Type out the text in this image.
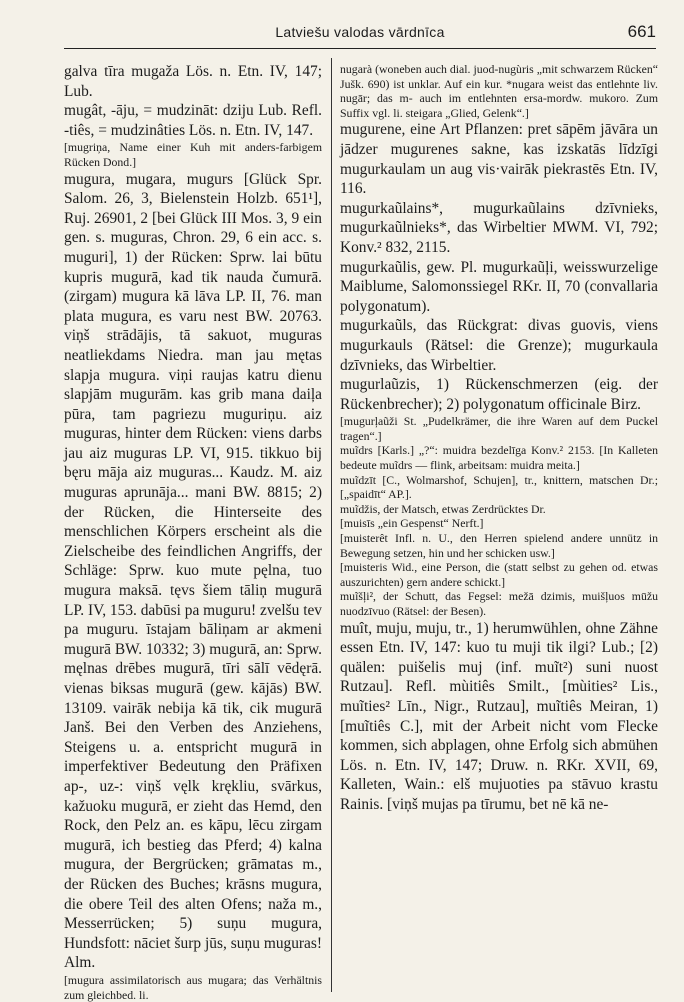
Latviešu valodas vārdnīca	661

galva tīra mugaža Lös. n. Etn. IV, 147; Lub.

mugât, -āju, = mudzināt: dziju Lub. Refl. -tiês, = mudzinâties Lös. n. Etn. IV, 147.

[mugriņa, Name einer Kuh mit anders-farbigem Rücken Dond.]

mugura, mugara, mugurs [Glück Spr. Salom. 26, 3, Bielenstein Holzb. 651¹], Ruj. 26901, 2 [bei Glück III Mos. 3, 9 ein gen. s. muguras, Chron. 29, 6 ein acc. s. muguri], 1) der Rücken: Sprw. lai būtu kupris mugurā, kad tik nauda čumurā. (zirgam) mugura kā lāva LP. II, 76. man plata mugura, es varu nest BW. 20763. viņš strādājis, tā sakuot, muguras neatliekdams Niedra. man jau mętas slapja mugura. viņi raujas katru dienu slapjām mugurām. kas grib mana daiļa pūra, tam pagriezu muguriņu. aiz muguras, hinter dem Rücken: viens darbs jau aiz muguras LP. VI, 915. tikkuo bij bęru māja aiz muguras... Kaudz. M. aiz muguras aprunāja... mani BW. 8815; 2) der Rücken, die Hinterseite des menschlichen Körpers erscheint als die Zielscheibe des feindlichen Angriffs, der Schläge: Sprw. kuo mute pęlna, tuo mugura maksā. tęvs šiem tāliņ mugurā LP. IV, 153. dabūsi pa muguru! zvelšu tev pa muguru. īstajam bāliņam ar akmeni mugurā BW. 10332; 3) mugurā, an: Sprw. męlnas drēbes mugurā, tīri sālī vēdęrā. vienas biksas mugurā (gew. kājās) BW. 13109. vairāk nebija kā tik, cik mugurā Janš. Bei den Verben des Anziehens, Steigens u. a. entspricht mugurā in imperfektiver Bedeutung den Präfixen ap-, uz-: viņš vęlk krękliu, svārkus, kažuoku mugurā, er zieht das Hemd, den Rock, den Pelz an. es kāpu, lēcu zirgam mugurā, ich bestieg das Pferd; 4) kalna mugura, der Bergrücken; grāmatas m., der Rücken des Buches; krāsns mugura, die obere Teil des alten Ofens; naža m., Messerrücken; 5) suņu mugura, Hundsfott: nāciet šurp jūs, suņu muguras! Alm.

[mugura assimilatorisch aus mugara; das Verhältnis zum gleichbed. li.

nugarà (woneben auch dial. juod-nugùris „mit schwarzem Rücken“ Jušk. 690) ist unklar. Auf ein kur. *nugara weist das entlehnte liv. nugār; das m- auch im entlehnten ersa-mordw. mukoro. Zum Suffix vgl. li. steigara „Glied, Gelenk“.]

mugurene, eine Art Pflanzen: pret sāpēm jāvāra un jādzer mugurenes sakne, kas izskatās līdzīgi mugurkaulam un aug vis·vairāk piekrastēs Etn. IV, 116.

mugurkaũlains*, mugurkaũlains dzīvnieks, mugurkaũlnieks*, das Wirbeltier MWM. VI, 792; Konv.² 832, 2115.

mugurkaũlis, gew. Pl. mugurkaũļi, weisswurzelige Maiblume, Salomonssiegel RKr. II, 70 (convallaria polygonatum).

mugurkaũls, das Rückgrat: divas guovis, viens mugurkauls (Rätsel: die Grenze); mugurkaula dzīvnieks, das Wirbeltier.

mugurlaũzis, 1) Rückenschmerzen (eig. der Rückenbrecher); 2) polygonatum officinale Birz.

[mugurļaũži St. „Pudelkrämer, die ihre Waren auf dem Puckel tragen“.]

muĩdrs [Karls.] „?“: muidra bezdelīga Konv.² 2153. [In Kalleten bedeute muĩdrs — flink, arbeitsam: muidra meita.]

muĩdzīt [C., Wolmarshof, Schujen], tr., knittern, matschen Dr.; [„spaidīt“ AP.].

muĩdžis, der Matsch, etwas Zerdrücktes Dr.

[muisīs „ein Gespenst“ Nerft.]

[muisterêt Infl. n. U., den Herren spielend andere unnütz in Bewegung setzen, hin und her schicken usw.]

[muisteris Wid., eine Person, die (statt selbst zu gehen od. etwas auszurichten) gern andere schickt.]

muĩšļi², der Schutt, das Fegsel: mežā dzimis, muišļuos mūžu nuodzīvuo (Rätsel: der Besen).

muît, muju, muju, tr., 1) herumwühlen, ohne Zähne essen Etn. IV, 147: kuo tu muji tik ilgi? Lub.; [2) quälen: puišelis muj (inf. muĩt²) suni nuost Rutzau]. Refl. mùitiês Smilt., [mùities² Lis., muĩties² Līn., Nigr., Rutzau], muĩtiês Meiran, 1) [muĩtiês C.], mit der Arbeit nicht vom Flecke kommen, sich abplagen, ohne Erfolg sich abmühen Lös. n. Etn. IV, 147; Druw. n. RKr. XVII, 69, Kalleten, Wain.: elš mujuoties pa stāvuo krastu Rainis. [viņš mujas pa tīrumu, bet nē kā ne-
